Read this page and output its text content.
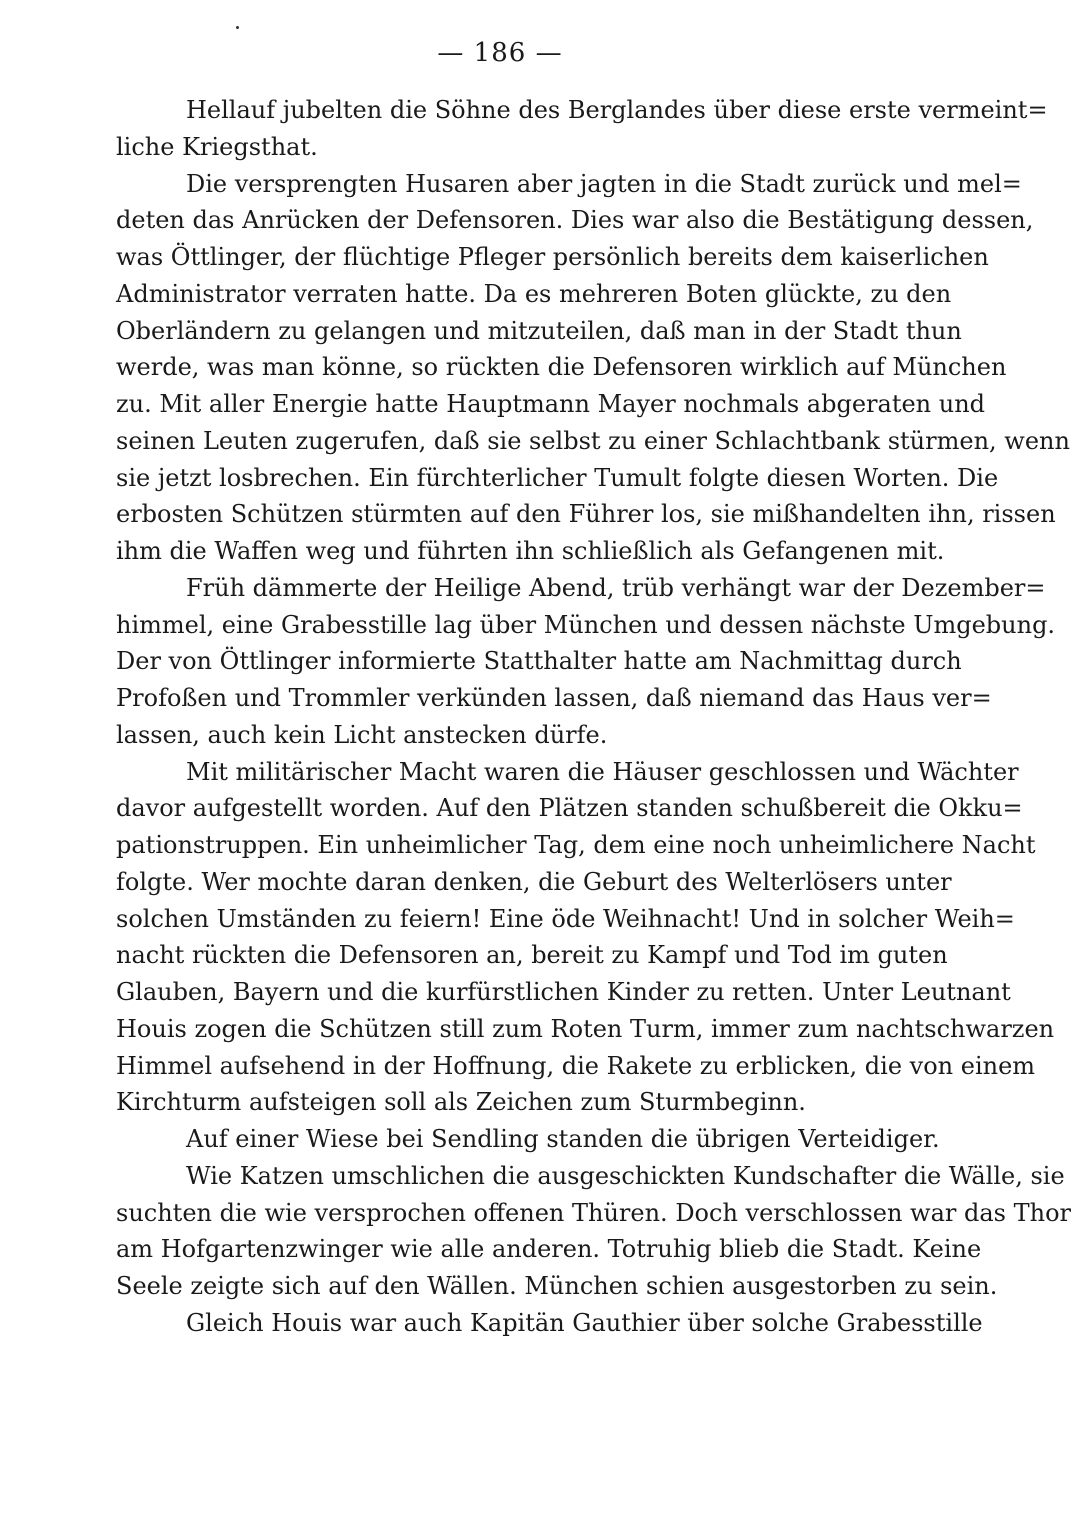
— 186 —
Hellauf jubelten die Söhne des Berglandes über diese erste vermeint=
liche Kriegsthat.
Die versprengten Husaren aber jagten in die Stadt zurück und mel=
deten das Anrücken der Defensoren. Dies war also die Bestätigung dessen,
was Öttlinger, der flüchtige Pfleger persönlich bereits dem kaiserlichen
Administrator verraten hatte. Da es mehreren Boten glückte, zu den
Oberländern zu gelangen und mitzuteilen, daß man in der Stadt thun
werde, was man könne, so rückten die Defensoren wirklich auf München
zu. Mit aller Energie hatte Hauptmann Mayer nochmals abgeraten und
seinen Leuten zugerufen, daß sie selbst zu einer Schlachtbank stürmen, wenn
sie jetzt losbrechen. Ein fürchterlicher Tumult folgte diesen Worten. Die
erbosten Schützen stürmten auf den Führer los, sie mißhandelten ihn, rissen
ihm die Waffen weg und führten ihn schließlich als Gefangenen mit.
Früh dämmerte der Heilige Abend, trüb verhängt war der Dezember=
himmel, eine Grabesstille lag über München und dessen nächste Umgebung.
Der von Öttlinger informierte Statthalter hatte am Nachmittag durch
Profoßen und Trommler verkünden lassen, daß niemand das Haus ver=
lassen, auch kein Licht anstecken dürfe.
Mit militärischer Macht waren die Häuser geschlossen und Wächter
davor aufgestellt worden. Auf den Plätzen standen schußbereit die Okku=
pationstruppen. Ein unheimlicher Tag, dem eine noch unheimlichere Nacht
folgte. Wer mochte daran denken, die Geburt des Welterlösers unter
solchen Umständen zu feiern! Eine öde Weihnacht! Und in solcher Weih=
nacht rückten die Defensoren an, bereit zu Kampf und Tod im guten
Glauben, Bayern und die kurfürstlichen Kinder zu retten. Unter Leutnant
Houis zogen die Schützen still zum Roten Turm, immer zum nachtschwarzen
Himmel aufsehend in der Hoffnung, die Rakete zu erblicken, die von einem
Kirchturm aufsteigen soll als Zeichen zum Sturmbeginn.
Auf einer Wiese bei Sendling standen die übrigen Verteidiger.
Wie Katzen umschlichen die ausgeschickten Kundschafter die Wälle, sie
suchten die wie versprochen offenen Thüren. Doch verschlossen war das Thor
am Hofgartenzwinger wie alle anderen. Totruhig blieb die Stadt. Keine
Seele zeigte sich auf den Wällen. München schien ausgestorben zu sein.
Gleich Houis war auch Kapitän Gauthier über solche Grabesstille
